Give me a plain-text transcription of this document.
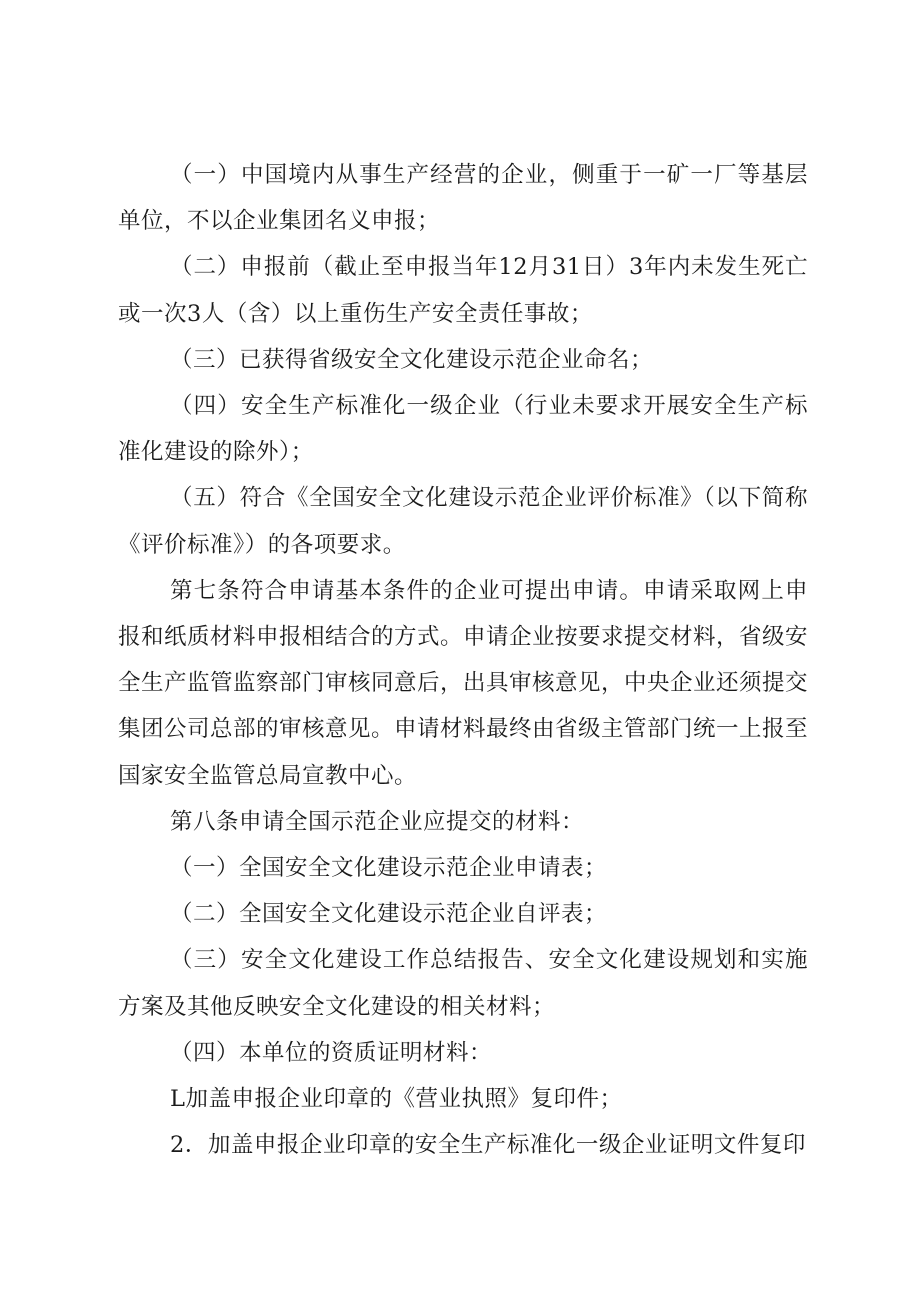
（一）中国境内从事生产经营的企业，侧重于一矿一厂等基层单位，不以企业集团名义申报；

（二）申报前（截止至申报当年12月31日）3年内未发生死亡或一次3人（含）以上重伤生产安全责任事故；

（三）已获得省级安全文化建设示范企业命名；

（四）安全生产标准化一级企业（行业未要求开展安全生产标准化建设的除外）；

（五）符合《全国安全文化建设示范企业评价标准》（以下简称《评价标准》）的各项要求。

第七条符合申请基本条件的企业可提出申请。申请采取网上申报和纸质材料申报相结合的方式。申请企业按要求提交材料，省级安全生产监管监察部门审核同意后，出具审核意见，中央企业还须提交集团公司总部的审核意见。申请材料最终由省级主管部门统一上报至国家安全监管总局宣教中心。

第八条申请全国示范企业应提交的材料：

（一）全国安全文化建设示范企业申请表；

（二）全国安全文化建设示范企业自评表；

（三）安全文化建设工作总结报告、安全文化建设规划和实施方案及其他反映安全文化建设的相关材料；

（四）本单位的资质证明材料：

L加盖申报企业印章的《营业执照》复印件；

2．加盖申报企业印章的安全生产标准化一级企业证明文件复印
